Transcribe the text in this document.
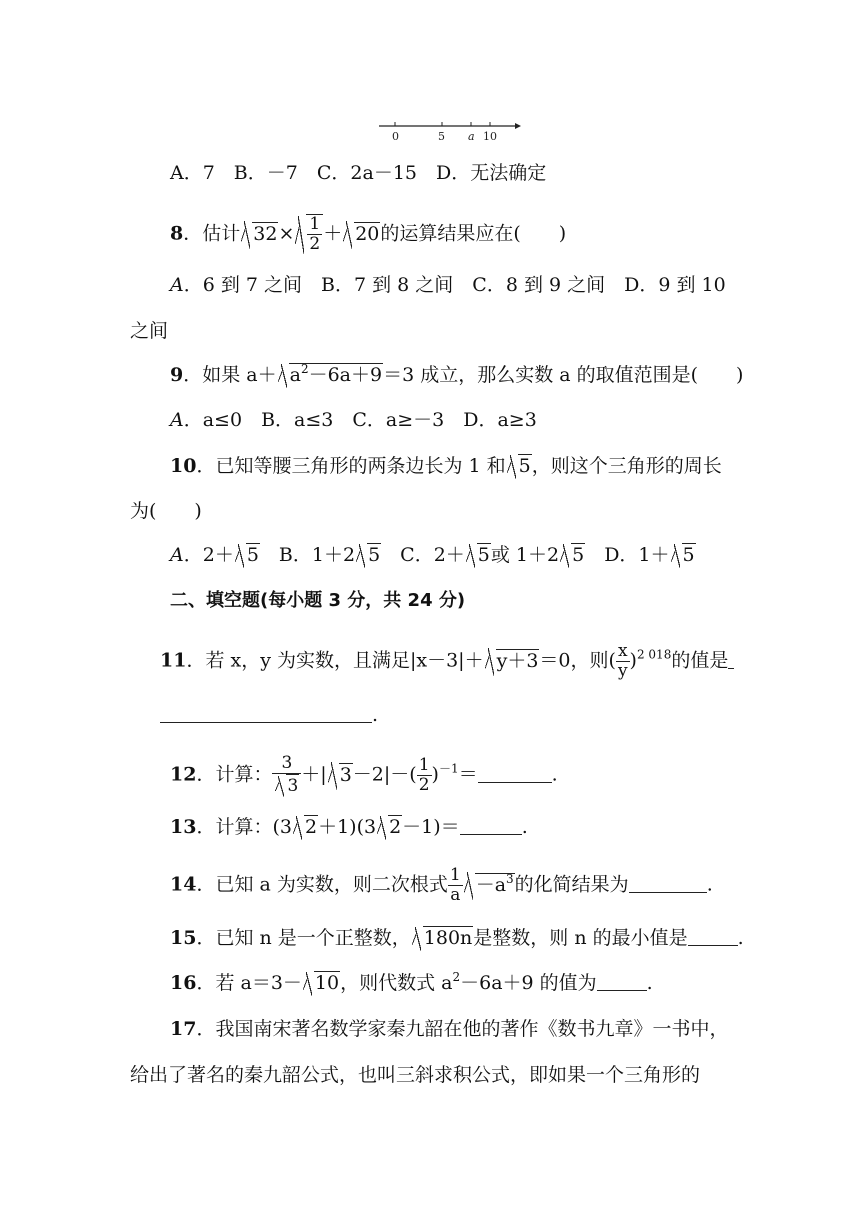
0	5 a 10
A．7　B．－7　C．2a－15　D．无法确定
8．估计 $32\times \frac{1}{2} + 20$的运算结果应在(　　)
A．6 到 7 之间　B．7 到 8 之间　C．8 到 9 之间　D．9 到 10
之间
9．如果 $a+ a^2-6a+9=3$ 成立，那么实数 a 的取值范围是(　　)
A．a≤0　B．a≤3　C．a≥－3　D．a≥3
10．已知等腰三角形的两条边长为 1 和 5，则这个三角形的周长
为(　　)
A．2＋ 5　B．1＋2 5　C．2＋ 5或 1＋2 5　D．1＋ 5
二、填空题(每小题 3 分，共 24 分)
11．若 x，y 为实数，且满足|x－3|＋ y＋3＝0，则( $\frac{x}{y} )^{2 018}$的值是
.
12．计算： $\frac{3}{3}$ ＋| $3-2|-( \frac{1}{2} )^{-1}=$	.
13．计算：(3 2＋1)(3 2－1)＝	.
14．已知 a 为实数，则二次根式 $\frac{1}{a} -a^3$的化简结果为	.
15．已知 n 是一个正整数， 180n是整数，则 n 的最小值是	.
16．若 a＝3－ 10，则代数式 $a^2-6a+9$ 的值为	.
17．我国南宋著名数学家秦九韶在他的著作《数书九章》一书中，
给出了著名的秦九韶公式，也叫三斜求积公式，即如果一个三角形的
